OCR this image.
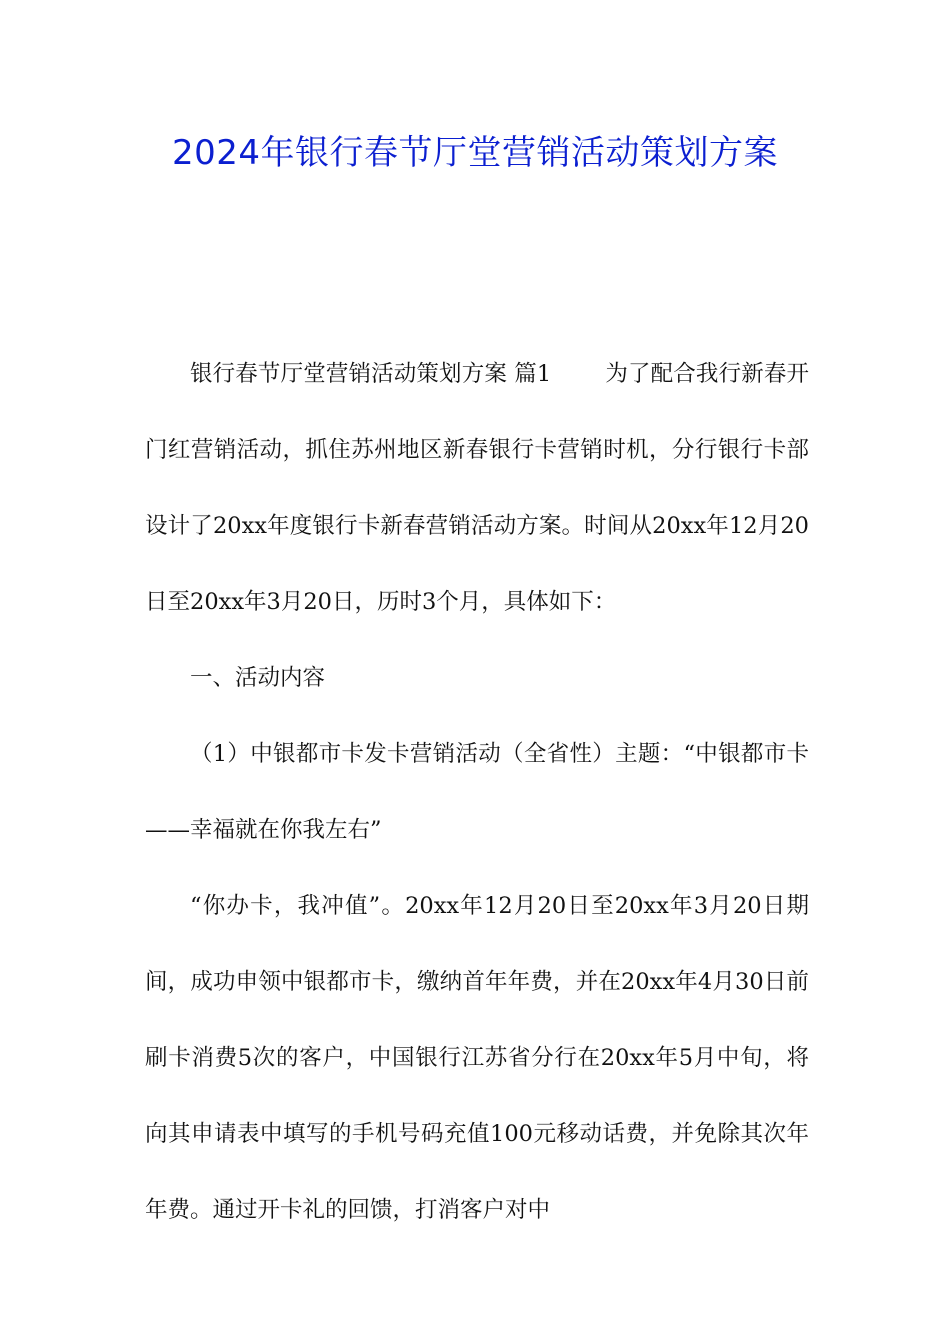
2024年银行春节厅堂营销活动策划方案

银行春节厅堂营销活动策划方案 篇1 为了配合我行新春开门红营销活动，抓住苏州地区新春银行卡营销时机，分行银行卡部设计了20xx年度银行卡新春营销活动方案。时间从20xx年12月20日至20xx年3月20日，历时3个月，具体如下：

一、活动内容

（1）中银都市卡发卡营销活动（全省性）主题：“中银都市卡——幸福就在你我左右”

“你办卡，我冲值”。20xx年12月20日至20xx年3月20日期间，成功申领中银都市卡，缴纳首年年费，并在20xx年4月30日前刷卡消费5次的客户，中国银行江苏省分行在20xx年5月中旬，将向其申请表中填写的手机号码充值100元移动话费，并免除其次年年费。通过开卡礼的回馈，打消客户对中
